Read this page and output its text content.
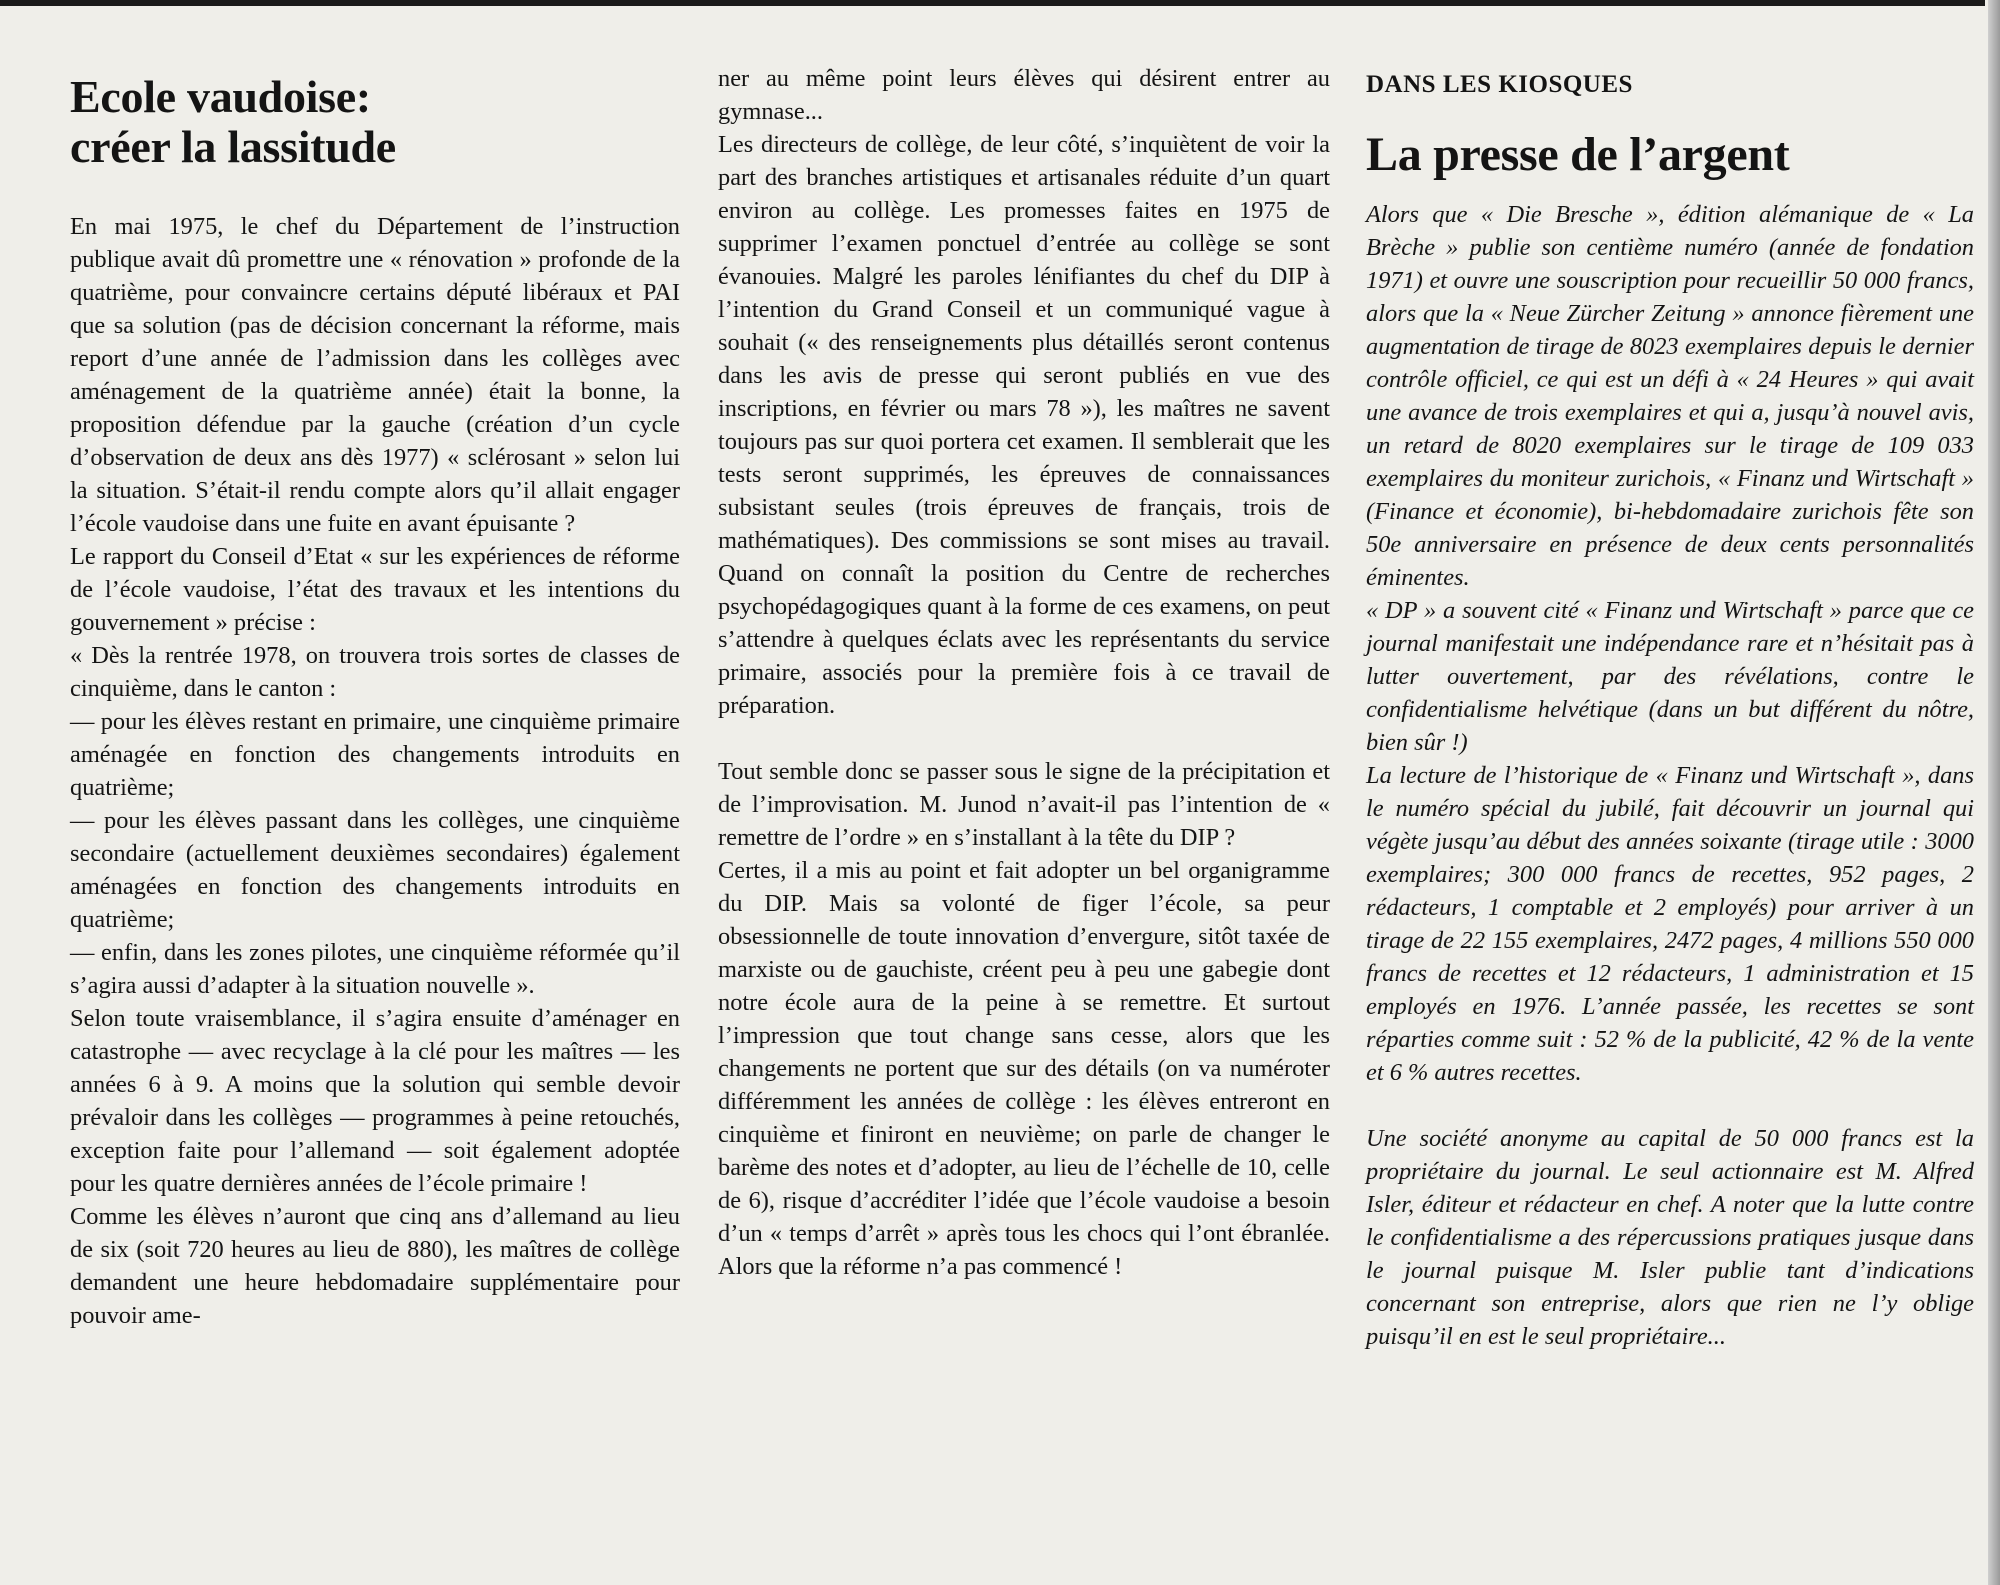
Ecole vaudoise:
créer la lassitude

En mai 1975, le chef du Département de l’instruction publique avait dû promettre une « rénovation » profonde de la quatrième, pour convaincre certains député libéraux et PAI que sa solution (pas de décision concernant la réforme, mais report d’une année de l’admission dans les collèges avec aménagement de la quatrième année) était la bonne, la proposition défendue par la gauche (création d’un cycle d’observation de deux ans dès 1977) « sclérosant » selon lui la situation. S’était-il rendu compte alors qu’il allait engager l’école vaudoise dans une fuite en avant épuisante ?

Le rapport du Conseil d’Etat « sur les expériences de réforme de l’école vaudoise, l’état des travaux et les intentions du gouvernement » précise :

« Dès la rentrée 1978, on trouvera trois sortes de classes de cinquième, dans le canton :

— pour les élèves restant en primaire, une cinquième primaire aménagée en fonction des changements introduits en quatrième;

— pour les élèves passant dans les collèges, une cinquième secondaire (actuellement deuxièmes secondaires) également aménagées en fonction des changements introduits en quatrième;

— enfin, dans les zones pilotes, une cinquième réformée qu’il s’agira aussi d’adapter à la situation nouvelle ».

Selon toute vraisemblance, il s’agira ensuite d’aménager en catastrophe — avec recyclage à la clé pour les maîtres — les années 6 à 9. A moins que la solution qui semble devoir prévaloir dans les collèges — programmes à peine retouchés, exception faite pour l’allemand — soit également adoptée pour les quatre dernières années de l’école primaire !

Comme les élèves n’auront que cinq ans d’allemand au lieu de six (soit 720 heures au lieu de 880), les maîtres de collège demandent une heure hebdomadaire supplémentaire pour pouvoir ame-

ner au même point leurs élèves qui désirent entrer au gymnase...

Les directeurs de collège, de leur côté, s’inquiètent de voir la part des branches artistiques et artisanales réduite d’un quart environ au collège. Les promesses faites en 1975 de supprimer l’examen ponctuel d’entrée au collège se sont évanouies. Malgré les paroles lénifiantes du chef du DIP à l’intention du Grand Conseil et un communiqué vague à souhait (« des renseignements plus détaillés seront contenus dans les avis de presse qui seront publiés en vue des inscriptions, en février ou mars 78 »), les maîtres ne savent toujours pas sur quoi portera cet examen. Il semblerait que les tests seront supprimés, les épreuves de connaissances subsistant seules (trois épreuves de français, trois de mathématiques). Des commissions se sont mises au travail. Quand on connaît la position du Centre de recherches psychopédagogiques quant à la forme de ces examens, on peut s’attendre à quelques éclats avec les représentants du service primaire, associés pour la première fois à ce travail de préparation.

Tout semble donc se passer sous le signe de la précipitation et de l’improvisation. M. Junod n’avait-il pas l’intention de « remettre de l’ordre » en s’installant à la tête du DIP ?

Certes, il a mis au point et fait adopter un bel organigramme du DIP. Mais sa volonté de figer l’école, sa peur obsessionnelle de toute innovation d’envergure, sitôt taxée de marxiste ou de gauchiste, créent peu à peu une gabegie dont notre école aura de la peine à se remettre. Et surtout l’impression que tout change sans cesse, alors que les changements ne portent que sur des détails (on va numéroter différemment les années de collège : les élèves entreront en cinquième et finiront en neuvième; on parle de changer le barème des notes et d’adopter, au lieu de l’échelle de 10, celle de 6), risque d’accréditer l’idée que l’école vaudoise a besoin d’un « temps d’arrêt » après tous les chocs qui l’ont ébranlée. Alors que la réforme n’a pas commencé !

DANS LES KIOSQUES
La presse de l’argent

Alors que « Die Bresche », édition alémanique de « La Brèche » publie son centième numéro (année de fondation 1971) et ouvre une souscription pour recueillir 50 000 francs, alors que la « Neue Zürcher Zeitung » annonce fièrement une augmentation de tirage de 8023 exemplaires depuis le dernier contrôle officiel, ce qui est un défi à « 24 Heures » qui avait une avance de trois exemplaires et qui a, jusqu’à nouvel avis, un retard de 8020 exemplaires sur le tirage de 109 033 exemplaires du moniteur zurichois, « Finanz und Wirtschaft » (Finance et économie), bi-hebdomadaire zurichois fête son 50e anniversaire en présence de deux cents personnalités éminentes.

« DP » a souvent cité « Finanz und Wirtschaft » parce que ce journal manifestait une indépendance rare et n’hésitait pas à lutter ouvertement, par des révélations, contre le confidentialisme helvétique (dans un but différent du nôtre, bien sûr !)

La lecture de l’historique de « Finanz und Wirtschaft », dans le numéro spécial du jubilé, fait découvrir un journal qui végète jusqu’au début des années soixante (tirage utile : 3000 exemplaires; 300 000 francs de recettes, 952 pages, 2 rédacteurs, 1 comptable et 2 employés) pour arriver à un tirage de 22 155 exemplaires, 2472 pages, 4 millions 550 000 francs de recettes et 12 rédacteurs, 1 administration et 15 employés en 1976. L’année passée, les recettes se sont réparties comme suit : 52 % de la publicité, 42 % de la vente et 6 % autres recettes.

Une société anonyme au capital de 50 000 francs est la propriétaire du journal. Le seul actionnaire est M. Alfred Isler, éditeur et rédacteur en chef. A noter que la lutte contre le confidentialisme a des répercussions pratiques jusque dans le journal puisque M. Isler publie tant d’indications concernant son entreprise, alors que rien ne l’y oblige puisqu’il en est le seul propriétaire...
